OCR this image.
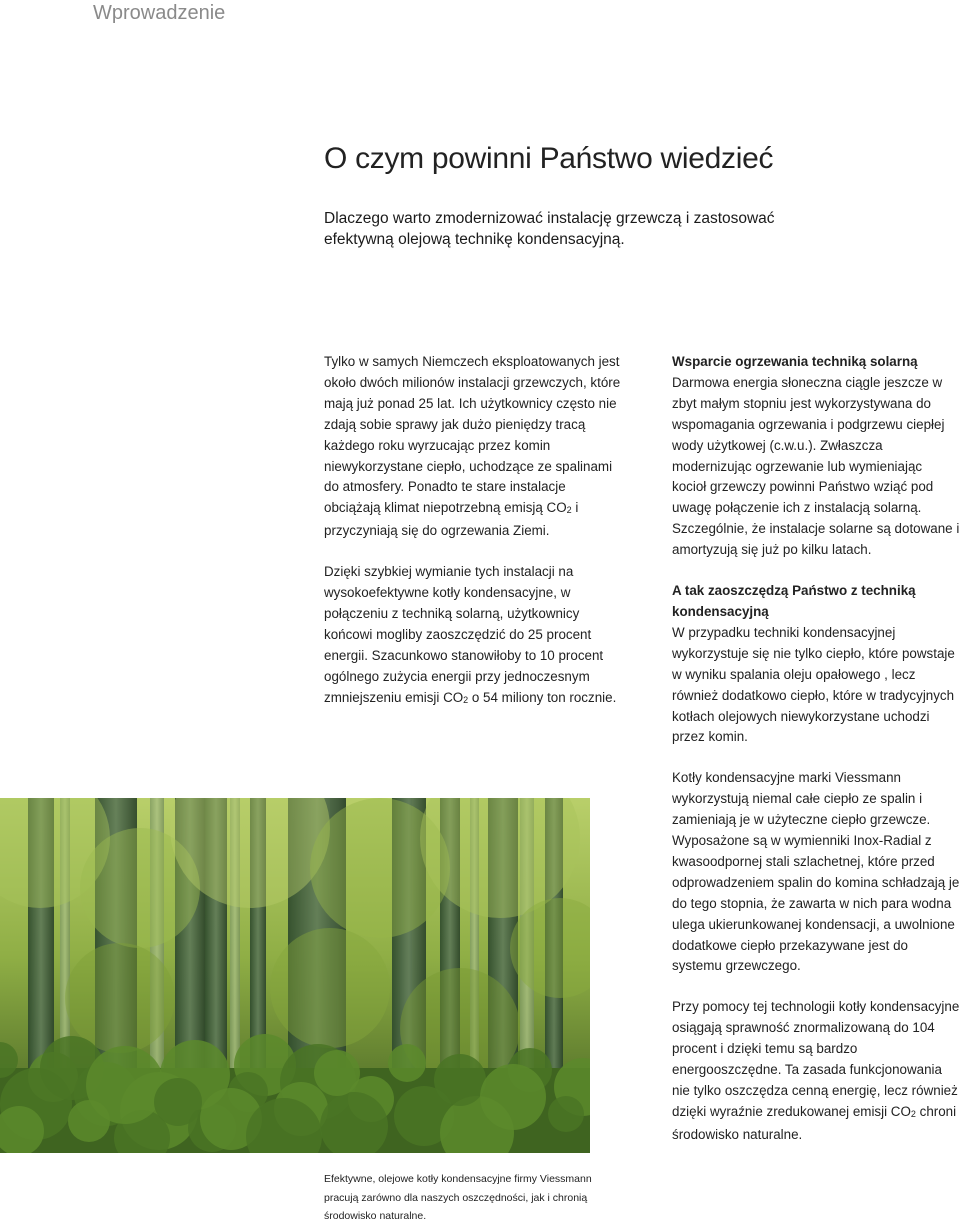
Wprowadzenie
O czym powinni Państwo wiedzieć

Dlaczego warto zmodernizować instalację grzewczą i zastosować efektywną olejową technikę kondensacyjną.

Tylko w samych Niemczech eksploatowanych jest około dwóch milionów instalacji grzewczych, które mają już ponad 25 lat. Ich użytkownicy często nie zdają sobie sprawy jak dużo pieniędzy tracą każdego roku wyrzucając przez komin niewykorzystane ciepło, uchodzące ze spalinami do atmosfery. Ponadto te stare instalacje obciążają klimat niepotrzebną emisją $CO_2$ i przyczyniają się do ogrzewania Ziemi.

Dzięki szybkiej wymianie tych instalacji na wysokoefektywne kotły kondensacyjne, w połączeniu z techniką solarną, użytkownicy końcowi mogliby zaoszczędzić do 25 procent energii. Szacunkowo stanowiłoby to 10 procent ogólnego zużycia energii przy jednoczesnym zmniejszeniu emisji $CO_2$ o 54 miliony ton rocznie.

Wsparcie ogrzewania techniką solarną

Darmowa energia słoneczna ciągle jeszcze w zbyt małym stopniu jest wykorzystywana do wspomagania ogrzewania i podgrzewu ciepłej wody użytkowej (c.w.u.). Zwłaszcza modernizując ogrzewanie lub wymieniając kocioł grzewczy powinni Państwo wziąć pod uwagę połączenie ich z instalacją solarną. Szczególnie, że instalacje solarne są dotowane i amortyzują się już po kilku latach.

A tak zaoszczędzą Państwo z techniką kondensacyjną

W przypadku techniki kondensacyjnej wykorzystuje się nie tylko ciepło, które powstaje w wyniku spalania oleju opałowego , lecz również dodatkowo ciepło, które w tradycyjnych kotłach olejowych niewykorzystane uchodzi przez komin.

Kotły kondensacyjne marki Viessmann wykorzystują niemal całe ciepło ze spalin i zamieniają je w użyteczne ciepło grzewcze. Wyposażone są w wymienniki Inox-Radial z kwasoodpornej stali szlachetnej, które przed odprowadzeniem spalin do komina schładzają je do tego stopnia, że zawarta w nich para wodna ulega ukierunkowanej kondensacji, a uwolnione dodatkowe ciepło przekazywane jest do systemu grzewczego.

Przy pomocy tej technologii kotły kondensacyjne osiągają sprawność znormalizowaną do 104 procent i dzięki temu są bardzo energooszczędne. Ta zasada funkcjonowania nie tylko oszczędza cenną energię, lecz również dzięki wyraźnie zredukowanej emisji $CO_2$ chroni środowisko naturalne.

Efektywne, olejowe kotły kondensacyjne firmy Viessmann pracują zarówno dla naszych oszczędności, jak i chronią środowisko naturalne.
